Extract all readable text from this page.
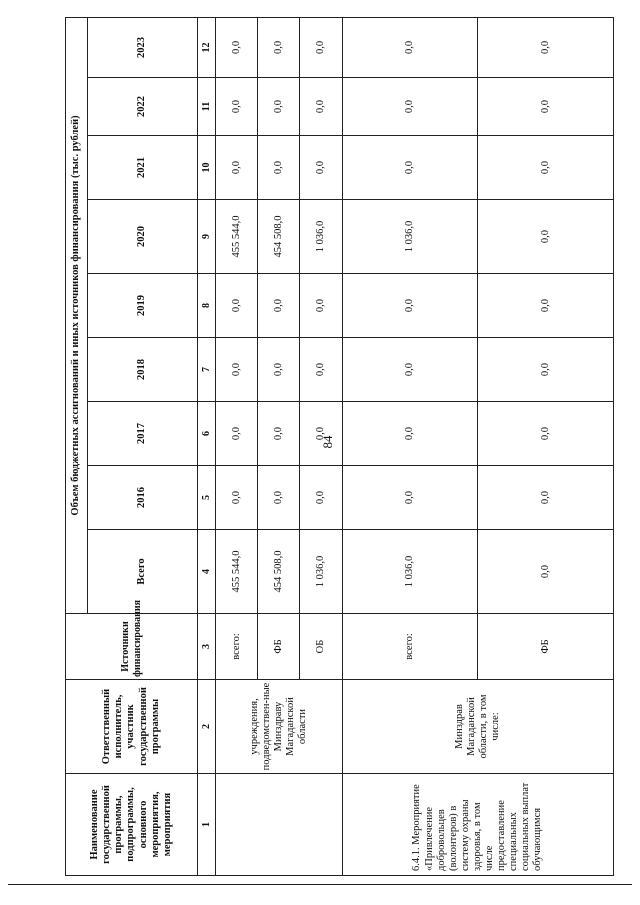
84
Наименование государственной программы, подпрограммы, основного мероприятия, мероприятия	Ответственный исполнитель, участник государственной программы	Источники финансирования	Объем бюджетных ассигнований и иных источников финансирования (тыс. рублей)								
			Всего	2016	2017	2018	2019	2020	2021	2022	2023
1	2	3	4	5	6	7	8	9	10	11	12
	учреждения, подведомствен-ные Минздраву Магаданской области	всего:	455 544,0	0,0	0,0	0,0	0,0	455 544,0	0,0	0,0	0,0
		ФБ	454 508,0	0,0	0,0	0,0	0,0	454 508,0	0,0	0,0	0,0
		ОБ	1 036,0	0,0	0,0	0,0	0,0	1 036,0	0,0	0,0	0,0
6.4.1. Мероприятие «Привлечение добровольцев (волонтеров) в систему охраны здоровья, в том числе предоставление специальных социальных выплат обучающимся	Минздрав Магаданской области, в том числе:	всего:	1 036,0	0,0	0,0	0,0	0,0	1 036,0	0,0	0,0	0,0
		ФБ	0,0	0,0	0,0	0,0	0,0	0,0	0,0	0,0	0,0
